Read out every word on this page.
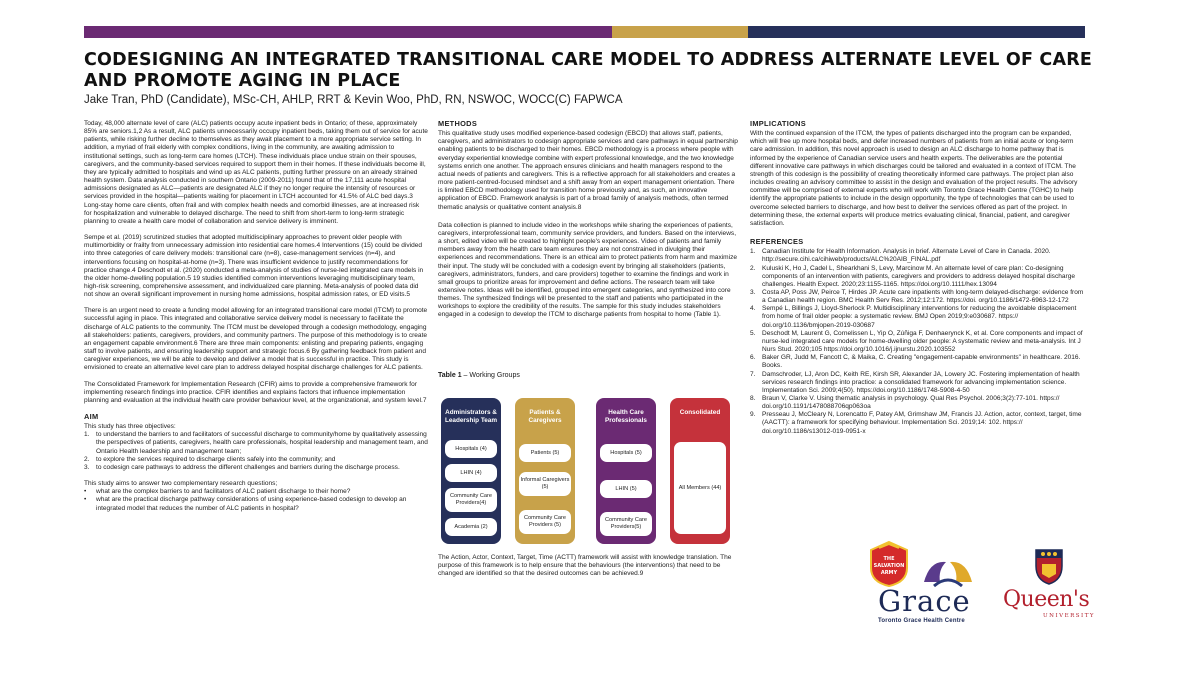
CODESIGNING AN INTEGRATED TRANSITIONAL CARE MODEL TO ADDRESS ALTERNATE LEVEL OF CARE AND PROMOTE AGING IN PLACE
Jake Tran, PhD (Candidate), MSc-CH, AHLP, RRT & Kevin Woo, PhD, RN, NSWOC, WOCC(C) FAPWCA

Today, 48,000 alternate level of care (ALC) patients occupy acute inpatient beds in Ontario; of these, approximately 85% are seniors.1,2 As a result, ALC patients unnecessarily occupy inpatient beds, taking them out of service for acute patients, while risking further decline to themselves as they await placement to a more appropriate service setting. In addition, a myriad of frail elderly with complex conditions, living in the community, are awaiting admission to institutional settings, such as long-term care homes (LTCH). These individuals place undue strain on their spouses, caregivers, and the community-based services required to support them in their homes. If these individuals become ill, they are typically admitted to hospitals and wind up as ALC patients, putting further pressure on an already strained health system. Data analysis conducted in southern Ontario (2009-2011) found that of the 17,111 acute hospital admissions designated as ALC—patients are designated ALC if they no longer require the intensity of resources or services provided in the hospital—patients waiting for placement in LTCH accounted for 41.5% of ALC bed days.3 Long-stay home care clients, often frail and with complex health needs and comorbid illnesses, are at increased risk for hospitalization and vulnerable to delayed discharge. The need to shift from short-term to long-term strategic planning to create a health care model of collaboration and service delivery is imminent.

Sempe et al. (2019) scrutinized studies that adopted multidisciplinary approaches to prevent older people with multimorbidity or frailty from unnecessary admission into residential care homes.4 Interventions (15) could be divided into three categories of care delivery models: transitional care (n=8), case-management services (n=4), and interventions focusing on hospital-at-home (n=3). There was insufficient evidence to justify recommendations for practice change.4 Deschodt et al. (2020) conducted a meta-analysis of studies of nurse-led integrated care models in the older home-dwelling population.5 19 studies identified common interventions leveraging multidisciplinary team, high-risk screening, comprehensive assessment, and individualized care planning. Meta-analysis of pooled data did not show an overall significant improvement in nursing home admissions, hospital admission rates, or ED visits.5

There is an urgent need to create a funding model allowing for an integrated transitional care model (ITCM) to promote successful aging in place. This integrated and collaborative service delivery model is necessary to facilitate the discharge of ALC patients to the community. The ITCM must be developed through a codesign methodology, engaging all stakeholders: patients, caregivers, providers, and community partners. The purpose of this methodology is to create an engagement capable environment.6 There are three main components: enlisting and preparing patients, engaging staff to involve patients, and ensuring leadership support and strategic focus.6 By gathering feedback from patient and caregiver experiences, we will be able to develop and deliver a model that is successful in practice. This study is envisioned to create an alternative level care plan to address delayed hospital discharge challenges for ALC patients.

The Consolidated Framework for Implementation Research (CFIR) aims to provide a comprehensive framework for implementing research findings into practice. CFIR identifies and explains factors that influence implementation planning and evaluation at the individual health care provider behaviour level, at the organizational, and system level.7

AIM
This study has three objectives:
1. to understand the barriers to and facilitators of successful discharge to community/home by qualitatively assessing the perspectives of patients, caregivers, health care professionals, hospital leadership and management team, and Ontario Health leadership and management team;
2. to explore the services required to discharge clients safely into the community; and
3. to codesign care pathways to address the different challenges and barriers during the discharge process.
This study aims to answer two complementary research questions;
•	what are the complex barriers to and facilitators of ALC patient discharge to their home?
•	what are the practical discharge pathway considerations of using experience-based codesign to develop an integrated model that reduces the number of ALC patients in hospital?
METHODS

This qualitative study uses modified experience-based codesign (EBCD) that allows staff, patients, caregivers, and administrators to codesign appropriate services and care pathways in equal partnership enabling patients to be discharged to their homes. EBCD methodology is a process where people with everyday experiential knowledge combine with expert professional knowledge, and the two knowledge systems enrich one another. The approach ensures clinicians and health managers respond to the actual needs of patients and caregivers. This is a reflective approach for all stakeholders and creates a more patient-centred-focused mindset and a shift away from an expert management orientation. There is limited EBCD methodology used for transition home previously and, as such, an innovative application of EBCD. Framework analysis is part of a broad family of analysis methods, often termed thematic analysis or qualitative content analysis.8

Data collection is planned to include video in the workshops while sharing the experiences of patients, caregivers, interprofessional team, community service providers, and funders. Based on the interviews, a short, edited video will be created to highlight people's experiences. Video of patients and family members away from the health care team ensures they are not constrained in divulging their experiences and recommendations. There is an ethical aim to protect patients from harm and maximize their input. The study will be concluded with a codesign event by bringing all stakeholders (patients, caregivers, administrators, funders, and care providers) together to examine the findings and work in small groups to prioritize areas for improvement and define actions. The research team will take extensive notes. Ideas will be identified, grouped into emergent categories, and synthesized into core themes. The synthesized findings will be presented to the staff and patients who participated in the workshops to explore the credibility of the results. The sample for this study includes stakeholders engaged in a codesign to develop the ITCM to discharge patients from hospital to home (Table 1).

Table 1 – Working Groups
Administrators & Leadership Team
Hospitals (4)
LHIN (4)
Community Care Providers(4)
Academia (2)
Patients & Caregivers
Patients (5)
Informal Caregivers (5)
Community Care Providers (5)
Health Care Professionals
Hospitals (5)
LHIN (5)
Community Care Providers(5)
Consolidated
All Members (44)
The Action, Actor, Context, Target, Time (ACTT) framework will assist with knowledge translation. The purpose of this framework is to help ensure that the behaviours (the interventions) that need to be changed are identified so that the desired outcomes can be achieved.9
IMPLICATIONS

With the continued expansion of the ITCM, the types of patients discharged into the program can be expanded, which will free up more hospital beds, and defer increased numbers of patients from an initial acute or long-term care admission. In addition, this novel approach is used to design an ALC discharge to home pathway that is informed by the experience of Canadian service users and health experts. The deliverables are the potential different innovative care pathways in which discharges could be tailored and evaluated in a context of ITCM. The strength of this codesign is the possibility of creating theoretically informed care pathways. The project plan also includes creating an advisory committee to assist in the design and evaluation of the project results. The advisory committee will be comprised of external experts who will work with Toronto Grace Health Centre (TGHC) to help identify the appropriate patients to include in the design opportunity, the type of technologies that can be used to overcome selected barriers to discharge, and how best to deliver the services offered as part of the project. In determining these, the external experts will produce metrics evaluating clinical, financial, patient, and caregiver satisfaction.

REFERENCES
1. Canadian Institute for Health Information. Analysis in brief. Alternate Level of Care in Canada. 2020. http://secure.cihi.ca/cihiweb/products/ALC%20AIB_FINAL.pdf
2. Kuluski K, Ho J, Cadel L, Shearkhani S, Levy, Marcinow M. An alternate level of care plan: Co-designing components of an intervention with patients, caregivers and providers to address delayed hospital discharge challenges. Health Expect. 2020;23:1155-1165. https://doi.org/10.1111/hex.13094
3. Costa AP, Poss JW, Peirce T, Hirdes JP. Acute care inpatients with long-term delayed-discharge: evidence from a Canadian health region. BMC Health Serv Res. 2012;12:172. https://doi. org/10.1186/1472-6963-12-172
4. Sempé L, Billings J, Lloyd-Sherlock P. Multidisciplinary interventions for reducing the avoidable displacement from home of frail older people: a systematic review. BMJ Open 2019;9:e030687. https:// doi.org/10.1136/bmjopen-2019-030687
5. Deschodt M, Laurent G, Cornelissen L, Yip O, Zúñiga F, Denhaerynck K, et al. Core components and impact of nurse-led integrated care models for home-dwelling older people: A systematic review and meta-analysis. Int J Nurs Stud. 2020;105 https://doi.org/10.1016/j.ijnurstu.2020.103552
6. Baker GR, Judd M, Fancott C, & Maika, C. Creating "engagement-capable environments" in healthcare. 2016. Books.
7. Damschroder, LJ, Aron DC, Keith RE, Kirsh SR, Alexander JA, Lowery JC. Fostering implementation of health services research findings into practice: a consolidated framework for advancing implementation science. Implementation Sci. 2009;4(50). https://doi.org/10.1186/1748-5908-4-50
8. Braun V, Clarke V. Using thematic analysis in psychology. Qual Res Psychol. 2006;3(2):77-101. https:// doi.org/10.1191/1478088706qp063oa
9. Presseau J, McCleary N, Lorencatto F, Patey AM, Grimshaw JM, Francis JJ. Action, actor, context, target, time (AACTT): a framework for specifying behaviour. Implementation Sci. 2019;14: 102. https:// doi.org/10.1186/s13012-019-0951-x
THE
SALVATION
ARMY
Grace
Toronto Grace Health Centre
Queen's
UNIVERSITY
